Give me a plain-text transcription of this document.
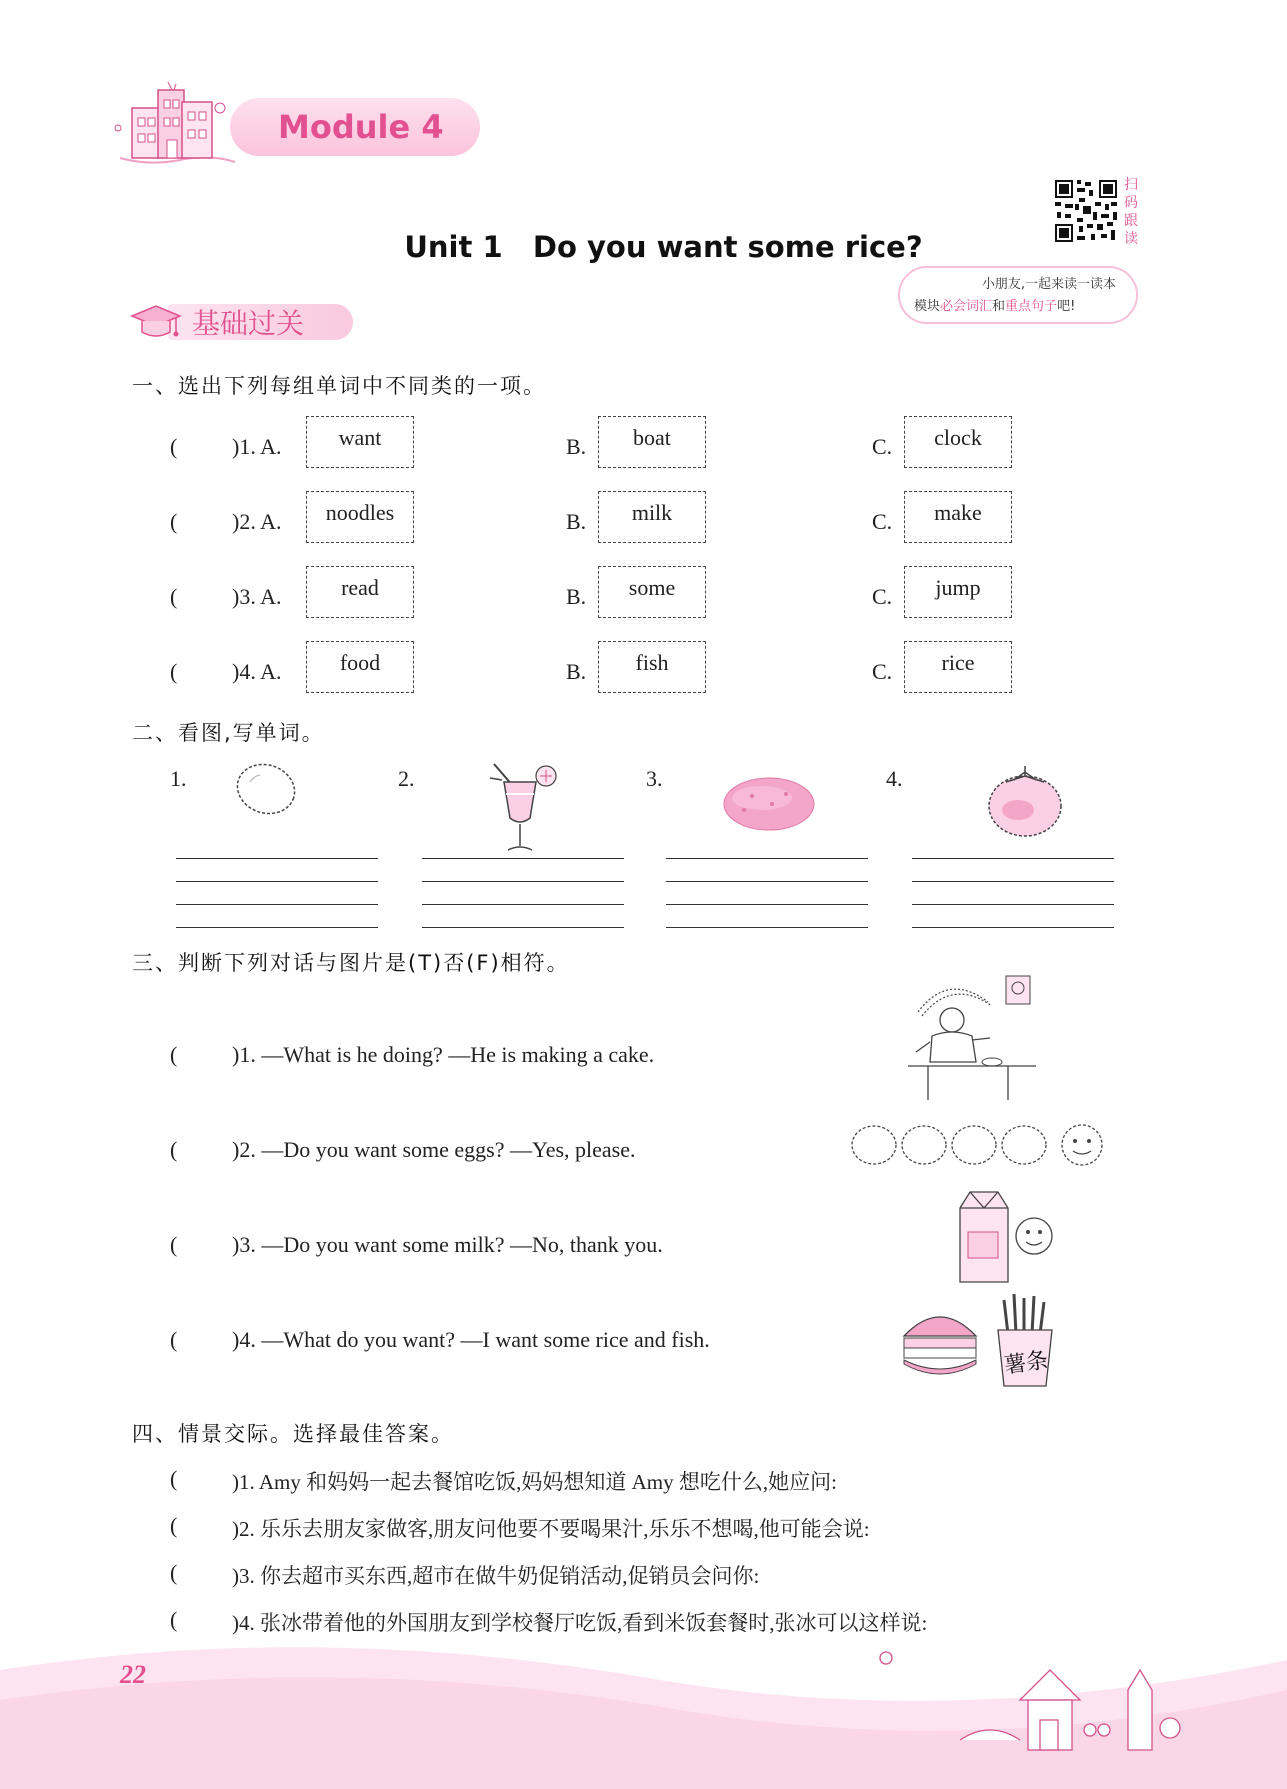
Module 4
扫
码
跟
读
Unit 1   Do you want some rice?
小朋友,一起来读一读本
模块必会词汇和重点句子吧!
基础过关
一、选出下列每组单词中不同类的一项。
( )1. A.	want	B.	boat	C.	clock
( )2. A.	noodles	B.	milk	C.	make
( )3. A.	read	B.	some	C.	jump
( )4. A.	food	B.	fish	C.	rice
二、看图,写单词。
1.	2.	3.	4.
三、判断下列对话与图片是(T)否(F)相符。
( )1. —What is he doing? —He is making a cake.
( )2. —Do you want some eggs? —Yes, please.
( )3. —Do you want some milk? —No, thank you.
( )4. —What do you want? —I want some rice and fish.
薯条
四、情景交际。选择最佳答案。
(	)1. Amy 和妈妈一起去餐馆吃饭,妈妈想知道 Amy 想吃什么,她应问:
(	)2. 乐乐去朋友家做客,朋友问他要不要喝果汁,乐乐不想喝,他可能会说:
(	)3. 你去超市买东西,超市在做牛奶促销活动,促销员会问你:
(	)4. 张冰带着他的外国朋友到学校餐厅吃饭,看到米饭套餐时,张冰可以这样说:
22
